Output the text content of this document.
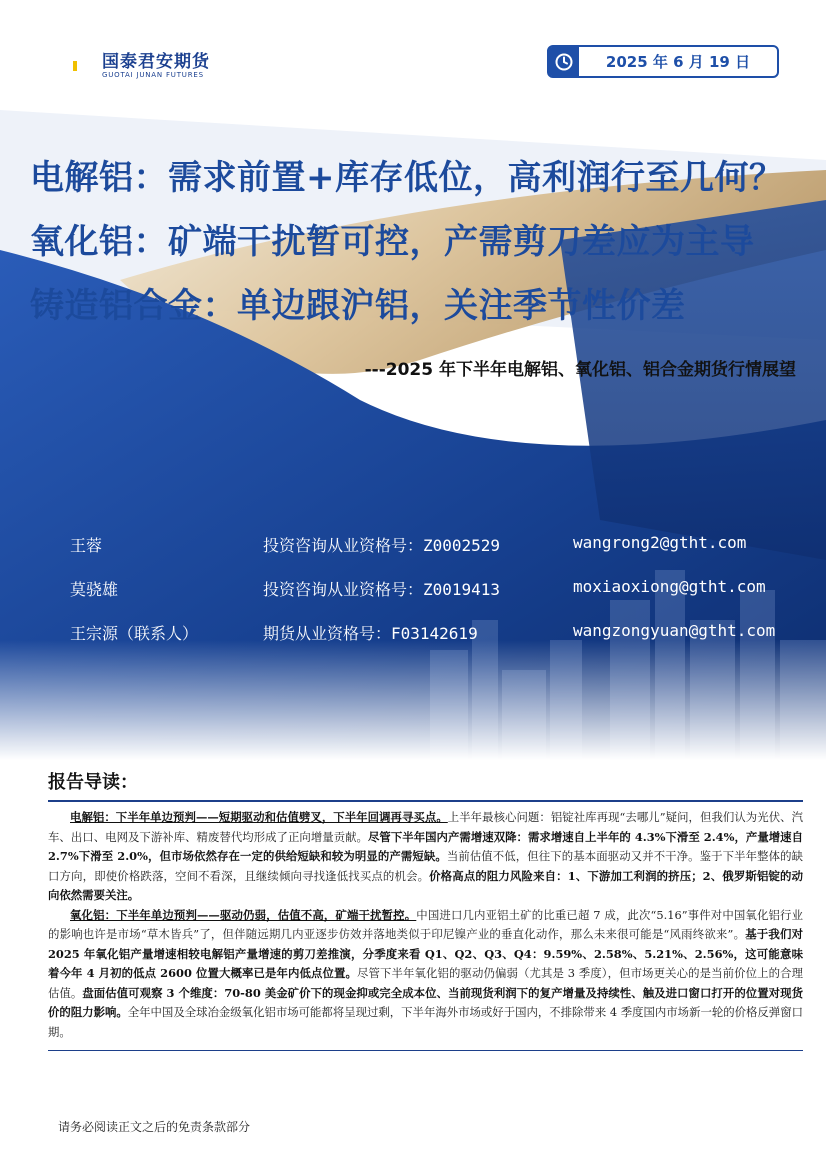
国泰君安期货
GUOTAI JUNAN FUTURES
2025 年 6 月 19 日
电解铝：需求前置+库存低位，高利润行至几何？
氧化铝：矿端干扰暂可控，产需剪刀差应为主导
铸造铝合金：单边跟沪铝，关注季节性价差
---2025 年下半年电解铝、氧化铝、铝合金期货行情展望
王蓉	投资咨询从业资格号：Z0002529	wangrong2@gtht.com
莫骁雄	投资咨询从业资格号：Z0019413	moxiaoxiong@gtht.com
王宗源（联系人）	期货从业资格号：F03142619	wangzongyuan@gtht.com
报告导读：

电解铝：下半年单边预判——短期驱动和估值劈叉，下半年回调再寻买点。上半年最核心问题：铝锭社库再现“去哪儿”疑问，但我们认为光伏、汽车、出口、电网及下游补库、精废替代均形成了正向增量贡献。尽管下半年国内产需增速双降：需求增速自上半年的 4.3%下滑至 2.4%，产量增速自 2.7%下滑至 2.0%，但市场依然存在一定的供给短缺和较为明显的产需短缺。当前估值不低，但往下的基本面驱动又并不干净。鉴于下半年整体的缺口方向，即使价格跌落，空间不看深，且继续倾向寻找逢低找买点的机会。价格高点的阻力风险来自：1、下游加工利润的挤压；2、俄罗斯铝锭的动向依然需要关注。

氧化铝：下半年单边预判——驱动仍弱，估值不高，矿端干扰暂控。中国进口几内亚铝土矿的比重已超 7 成，此次“5.16”事件对中国氧化铝行业的影响也许是市场“草木皆兵”了，但伴随远期几内亚逐步仿效并落地类似于印尼镍产业的垂直化动作，那么未来很可能是“风雨终欲来”。基于我们对 2025 年氧化铝产量增速相较电解铝产量增速的剪刀差推演，分季度来看 Q1、Q2、Q3、Q4：9.59%、2.58%、5.21%、2.56%，这可能意味着今年 4 月初的低点 2600 位置大概率已是年内低点位置。尽管下半年氧化铝的驱动仍偏弱（尤其是 3 季度），但市场更关心的是当前价位上的合理估值。盘面估值可观察 3 个维度：70-80 美金矿价下的现金抑或完全成本位、当前现货利润下的复产增量及持续性、触及进口窗口打开的位置对现货价的阻力影响。全年中国及全球冶金级氧化铝市场可能都将呈现过剩，下半年海外市场或好于国内，不排除带来 4 季度国内市场新一轮的价格反弹窗口期。

请务必阅读正文之后的免责条款部分
